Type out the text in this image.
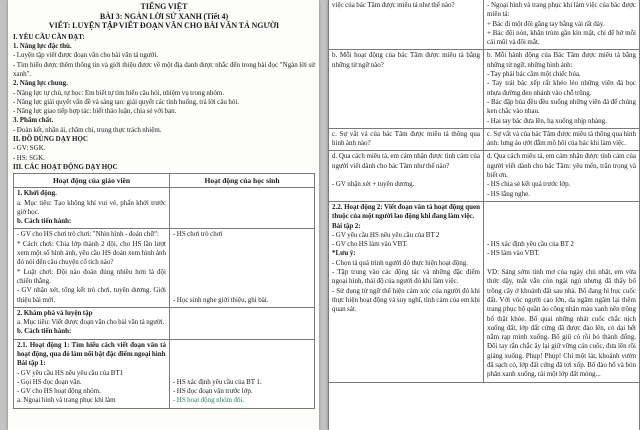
TIẾNG VIỆT
BÀI 3: NGÀN LỜI SỬ XANH (Tiết 4)
VIẾT: LUYỆN TẬP VIẾT ĐOẠN VĂN CHO BÀI VĂN TẢ NGƯỜI
I. YÊU CẦU CẦN ĐẠT:
1. Năng lực đặc thù.
- Luyện tập viết được đoạn văn cho bài văn tả người.
- Tìm hiểu được thêm thông tin và giới thiệu được về một địa danh được nhắc đến trong bài đọc "Ngàn lời sử xanh".
2. Năng lực chung.
- Năng lực tự chủ, tự học: Em biết tự tìm hiểu câu hỏi, nhiệm vụ trong nhóm.
- Năng lực giải quyết vấn đề và sáng tạo: giải quyết các tình huống, trả lời câu hỏi.
- Năng lực giao tiếp hợp tác: biết thảo luận, chia sẻ với bạn.
3. Phẩm chất.
- Đoàn kết, nhân ái, chăm chỉ, trung thực trách nhiệm.
II. ĐỒ DÙNG DẠY HỌC
- GV: SGK.
- HS: SGK.
III. CÁC HOẠT ĐỘNG DẠY HỌC
Hoạt động của giáo viên	Hoạt động của học sinh
1. Khởi động.
a. Mục tiêu: Tạo không khí vui vẻ, phấn khởi trước giờ học.
b. Cách tiến hành:
- GV cho HS chơi trò chơi: "Nhìn hình - đoán chữ":
* Cách chơi: Chia lớp thành 2 đội, cho HS lần lượt xem một số hình ảnh, yêu cầu HS đoán xem hình ảnh đó nói đến câu chuyện cổ tích nào?
* Luật chơi: Đội nào đoán đúng nhiều hơn là đội chiến thắng.
- GV nhận xét, tổng kết trò chơi, tuyên dương. Giới thiệu bài mới.
- HS chơi trò chơi
- Học sinh nghe giới thiệu, ghi bài.
2. Khám phá và luyện tập
a. Mục tiêu: Viết được đoạn văn cho bài văn tả người.
b. Cách tiến hành:
2.1. Hoạt động 1: Tìm hiểu cách viết đoạn văn tả hoạt động, qua đó làm nổi bật đặc điểm ngoại hình
Bài tập 1:
- GV yêu cầu HS nêu yêu cầu của BT1
- Gọi HS đọc đoạn văn.
- GV cho HS hoạt động nhóm.
a. Ngoại hình và trang phục khi làm
- HS xác định yêu cầu của BT 1.
- HS đọc đoạn văn trước lớp.
- HS hoạt động nhóm đôi.
việc của bác Tâm được miêu tả như thế nào?	- Ngoại hình và trang phục khi làm việc của bác được miêu tả:
+ Bác đi một đôi găng tay bằng vải rất dày.
+ Bác đội nón, khăn trùm gần kín mặt, chỉ để hở mỗi cái mũi và đôi mắt.
b. Mỗi hoạt động của bác Tâm được miêu tả bằng những từ ngữ nào?
b. Mỗi hành động của Bác Tâm được miêu tả bằng những từ ngữ, những hình ảnh:
- Tay phải bác cầm một chiếc búa.
- Tay trái bác xếp rất khéo léo những viên đá bọc nhựa đường đen nhánh vào chỗ trũng.
- Bác đập búa đều đều xuống những viên đá để chúng ken chắc vào nhau.
- Hai tay bác đưa lên, hạ xuống nhịp nhàng.
c. Sự vất vả của bác Tâm được miêu tả thông qua hình ảnh nào?
c. Sự vất vả của bác Tâm được miêu tả thông qua hình ảnh: lưng áo ướt đẫm mồ hôi của bác khi làm việc.
d. Qua cách miêu tả, em cảm nhận được tình cảm của người viết dành cho bác Tâm như thế nào?
- GV nhận xét + tuyên dương.
d. Qua cách miêu tả, em cảm nhận được tình cảm của người viết dành cho bác Tâm: yêu mến, trân trọng và biết ơn.
- HS chia sẻ kết quả trước lớp.
- HS lắng nghe.
2.2. Hoạt động 2: Viết đoạn văn tả hoạt động quen thuộc của một người lao động khi đang làm việc.
Bài tập 2:
- GV yêu cầu HS nêu yêu cầu của BT 2
- GV cho HS làm vào VBT.
*Lưu ý:
- Chọn tả quá trình người đó thực hiện hoạt động.
- Tập trung vào các động tác và những đặc điểm ngoại hình, thái độ của người đó khi làm việc.
- Sử dụng từ ngữ thể hiện cảm xúc của người đó khi thực hiện hoạt động và suy nghĩ, tình cảm của em khi quan sát.
- HS xác định yêu cầu của BT 2
- HS làm vào VBT.
VD: Sáng sớm tinh mơ của ngày chủ nhật, em vừa thức dậy, mắt vẫn còn ngái ngủ nhưng đã thấy bố trồng cây ở khoảnh đất sau nhà. Bố đang hì hục cuốc đất. Với vóc người cao lớn, da ngăm ngăm lại thêm trang phục bộ quần áo công nhân màu xanh nên trông bố thật khỏe. Bố quai những nhát cuốc chắc nịch xuống đất, lớp đất cứng đã được đào lên, cỏ dại hết nằm rạp mình xuống. Bố giũ cỏ rồi bỏ thành đống. Đôi tay rắn chắc ấy lại giữ vững cán cuốc, đưa lên rồi giáng xuống. Phụp! Phụp! Chỉ một lát, khoảnh vườn đã sạch cỏ, lớp đất cứng đã tơi xốp. Bố đào hố và bón phân xanh xuống, rải một lớp đất mỏng...
